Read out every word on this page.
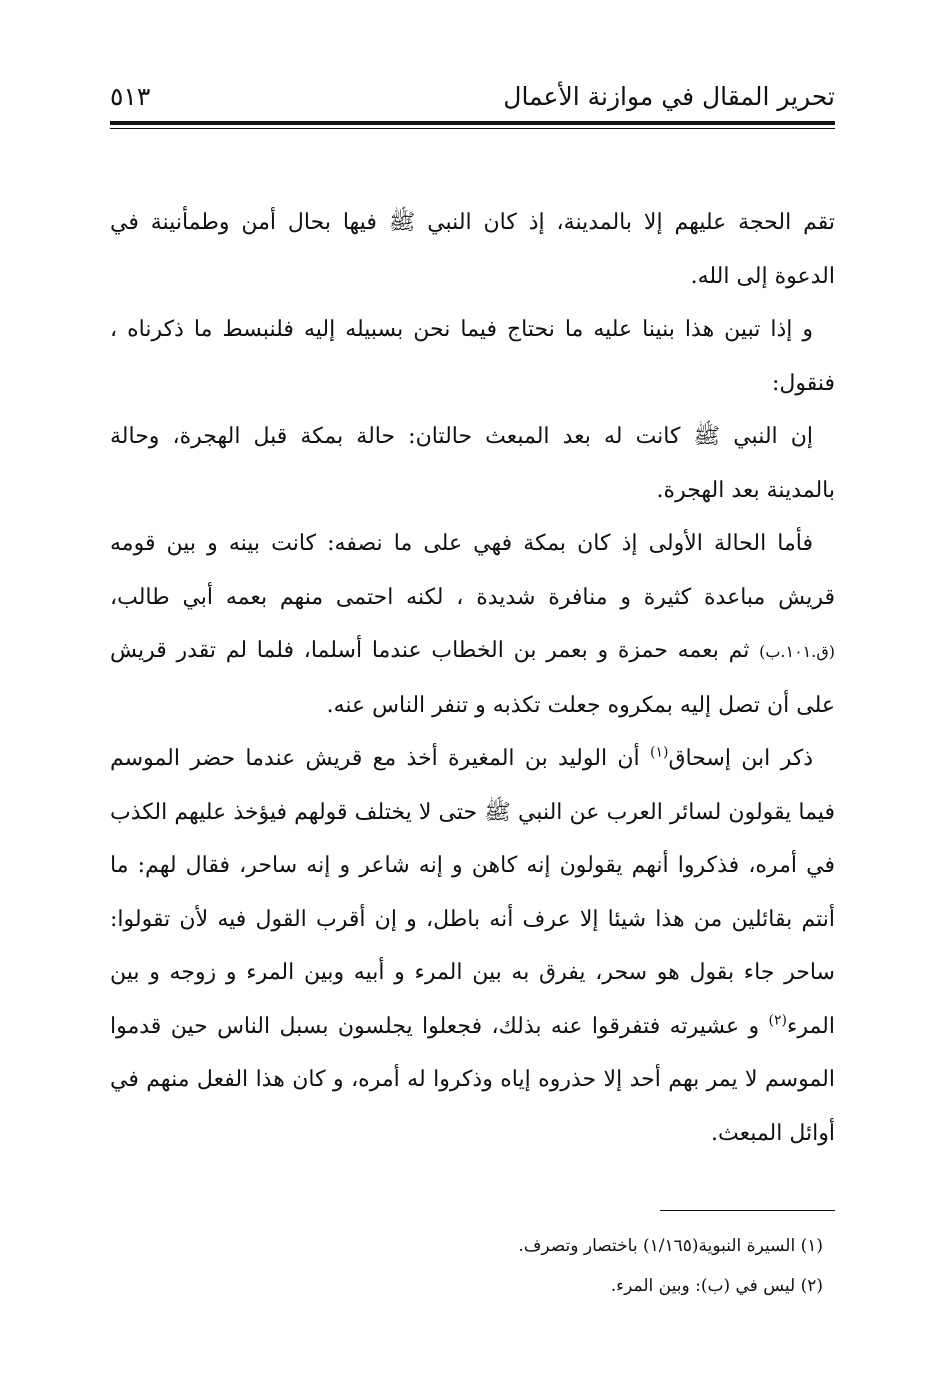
تحرير المقال في موازنة الأعمال
٥١٣

تقم الحجة عليهم إلا بالمدينة، إذ كان النبي ﷺ فيها بحال أمن وطمأنينة في الدعوة إلى الله.

و إذا تبين هذا بنينا عليه ما نحتاج فيما نحن بسبيله إليه فلنبسط ما ذكرناه ، فنقول:

إن النبي ﷺ كانت له بعد المبعث حالتان: حالة بمكة قبل الهجرة، وحالة بالمدينة بعد الهجرة.

فأما الحالة الأولى إذ كان بمكة فهي على ما نصفه: كانت بينه و بين قومه قريش مباعدة كثيرة و منافرة شديدة ، لكنه احتمى منهم بعمه أبي طالب، (ق.١٠١.ب) ثم بعمه حمزة و بعمر بن الخطاب عندما أسلما، فلما لم تقدر قريش على أن تصل إليه بمكروه جعلت تكذبه و تنفر الناس عنه.

ذكر ابن إسحاق$^{(١)}$ أن الوليد بن المغيرة أخذ مع قريش عندما حضر الموسم فيما يقولون لسائر العرب عن النبي ﷺ حتى لا يختلف قولهم فيؤخذ عليهم الكذب في أمره، فذكروا أنهم يقولون إنه كاهن و إنه شاعر و إنه ساحر، فقال لهم: ما أنتم بقائلين من هذا شيئا إلا عرف أنه باطل، و إن أقرب القول فيه لأن تقولوا: ساحر جاء بقول هو سحر، يفرق به بين المرء و أبيه وبين المرء و زوجه و بين المرء$^{(٢)}$ و عشيرته فتفرقوا عنه بذلك، فجعلوا يجلسون بسبل الناس حين قدموا الموسم لا يمر بهم أحد إلا حذروه إياه وذكروا له أمره، و كان هذا الفعل منهم في أوائل المبعث.

(١) السيرة النبوية(١/١٦٥) باختصار وتصرف.

(٢) ليس في (ب): وبين المرء.
